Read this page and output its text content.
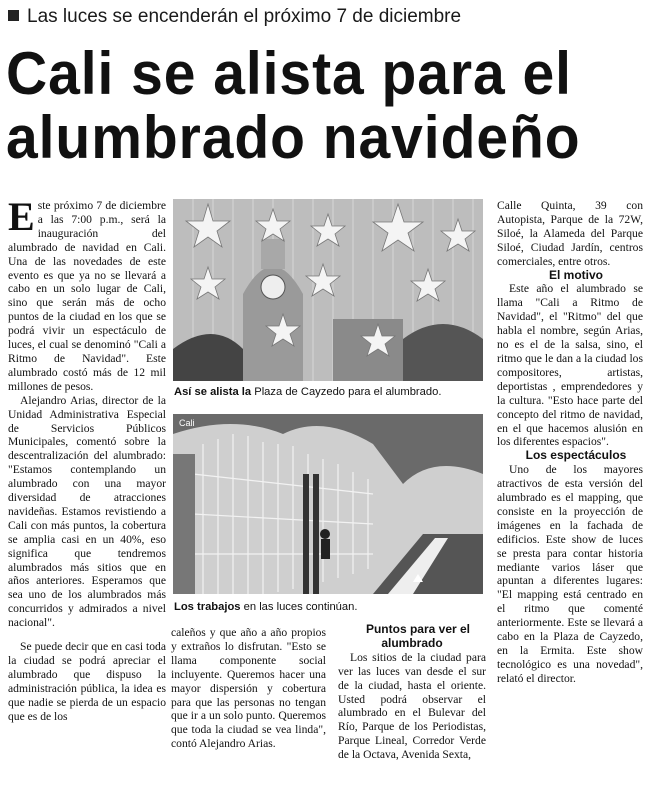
Las luces se encenderán el próximo 7 de diciembre
Cali se alista para el
alumbrado navideño

Este próximo 7 de diciembre a las 7:00 p.m., será la inauguración del alumbrado de navidad en Cali. Una de las novedades de este evento es que ya no se llevará a cabo en un solo lugar de Cali, sino que serán más de ocho puntos de la ciudad en los que se podrá vivir un espectáculo de luces, el cual se denominó "Cali a Ritmo de Navidad". Este alumbrado costó más de 12 mil millones de pesos.

Alejandro Arias, director de la Unidad Administrativa Especial de Servicios Públicos Municipales, comentó sobre la descentralización del alumbrado: "Estamos contemplando un alumbrado con una mayor diversidad de atracciones navideñas. Estamos revistiendo a Cali con más puntos, la cobertura se amplia casi en un 40%, eso significa que tendremos alumbrados más sitios que en años anteriores. Esperamos que sea uno de los alumbrados más concurridos y admirados a nivel nacional".

Se puede decir que en casi toda la ciudad se podrá apreciar el alumbrado que dispuso la administración pública, la idea es que nadie se pierda de un espacio que es de los

Así se alista la Plaza de Cayzedo para el alumbrado.
Cali
Los trabajos en las luces continúan.

caleños y que año a año propios y extraños lo disfrutan. "Esto se llama componente social incluyente. Queremos hacer una mayor dispersión y cobertura para que las personas no tengan que ir a un solo punto. Queremos que toda la ciudad se vea linda", contó Alejandro Arias.

Puntos para ver el alumbrado

Los sitios de la ciudad para ver las luces van desde el sur de la ciudad, hasta el oriente. Usted podrá observar el alumbrado en el Bulevar del Río, Parque de los Periodistas, Parque Lineal, Corredor Verde de la Octava, Avenida Sexta,

Calle Quinta, 39 con Autopista, Parque de la 72W, Siloé, la Alameda del Parque Siloé, Ciudad Jardín, centros comerciales, entre otros.

El motivo

Este año el alumbrado se llama "Cali a Ritmo de Navidad", el "Ritmo" del que habla el nombre, según Arias, no es el de la salsa, sino, el ritmo que le dan a la ciudad los compositores, artistas, deportistas , emprendedores y la cultura. "Esto hace parte del concepto del ritmo de navidad, en el que hacemos alusión en los diferentes espacios".

Los espectáculos

Uno de los mayores atractivos de esta versión del alumbrado es el mapping, que consiste en la proyección de imágenes en la fachada de edificios. Este show de luces se presta para contar historia mediante varios láser que apuntan a diferentes lugares: "El mapping está centrado en el ritmo que comenté anteriormente. Este se llevará a cabo en la Plaza de Cayzedo, en la Ermita. Este show tecnológico es una novedad", relató el director.
